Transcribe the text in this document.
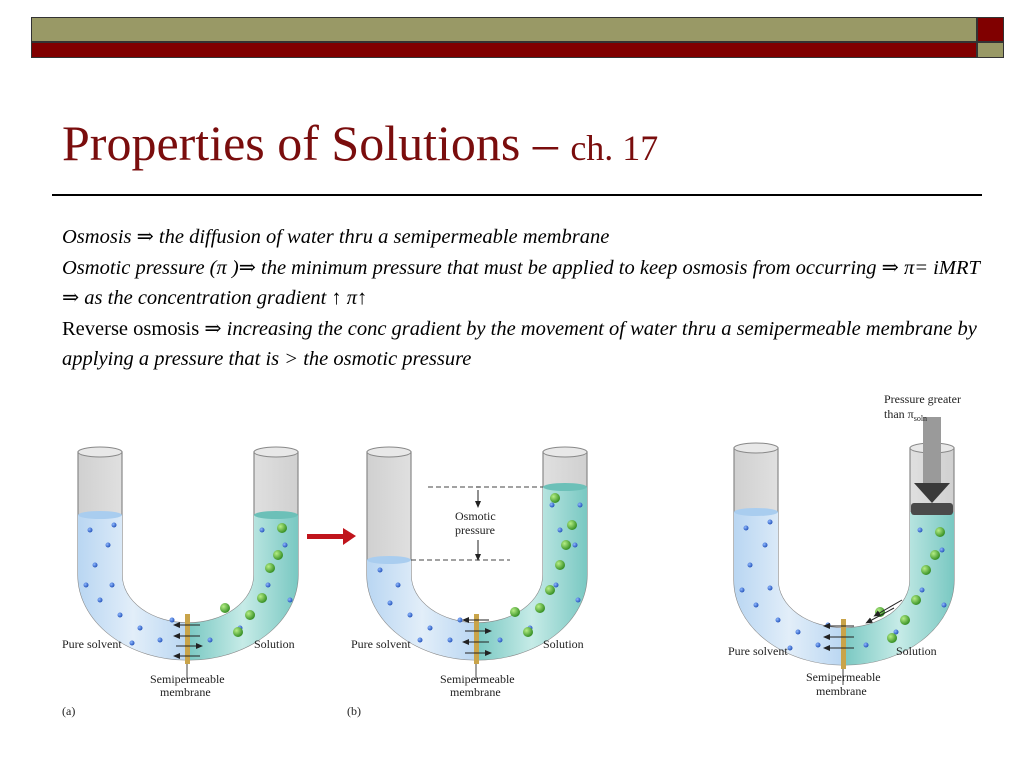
Properties of Solutions – ch. 17

Osmosis ⇒ the diffusion of water thru a semipermeable membrane

Osmotic pressure (π )⇒ the minimum pressure that must be applied to keep osmosis from occurring ⇒ π= iMRT ⇒ as the concentration gradient ↑ π↑

Reverse osmosis ⇒ increasing the conc gradient by the movement of water thru a semipermeable membrane by applying a pressure that is > the osmotic pressure

Pure solvent	Solution
Semipermeable
membrane
(a)
Osmotic
pressure
Pure solvent	Solution
Semipermeable
membrane
(b)
Pressure greater
than $\pi_{soln}$
Pure solvent	Solution
Semipermeable
membrane
